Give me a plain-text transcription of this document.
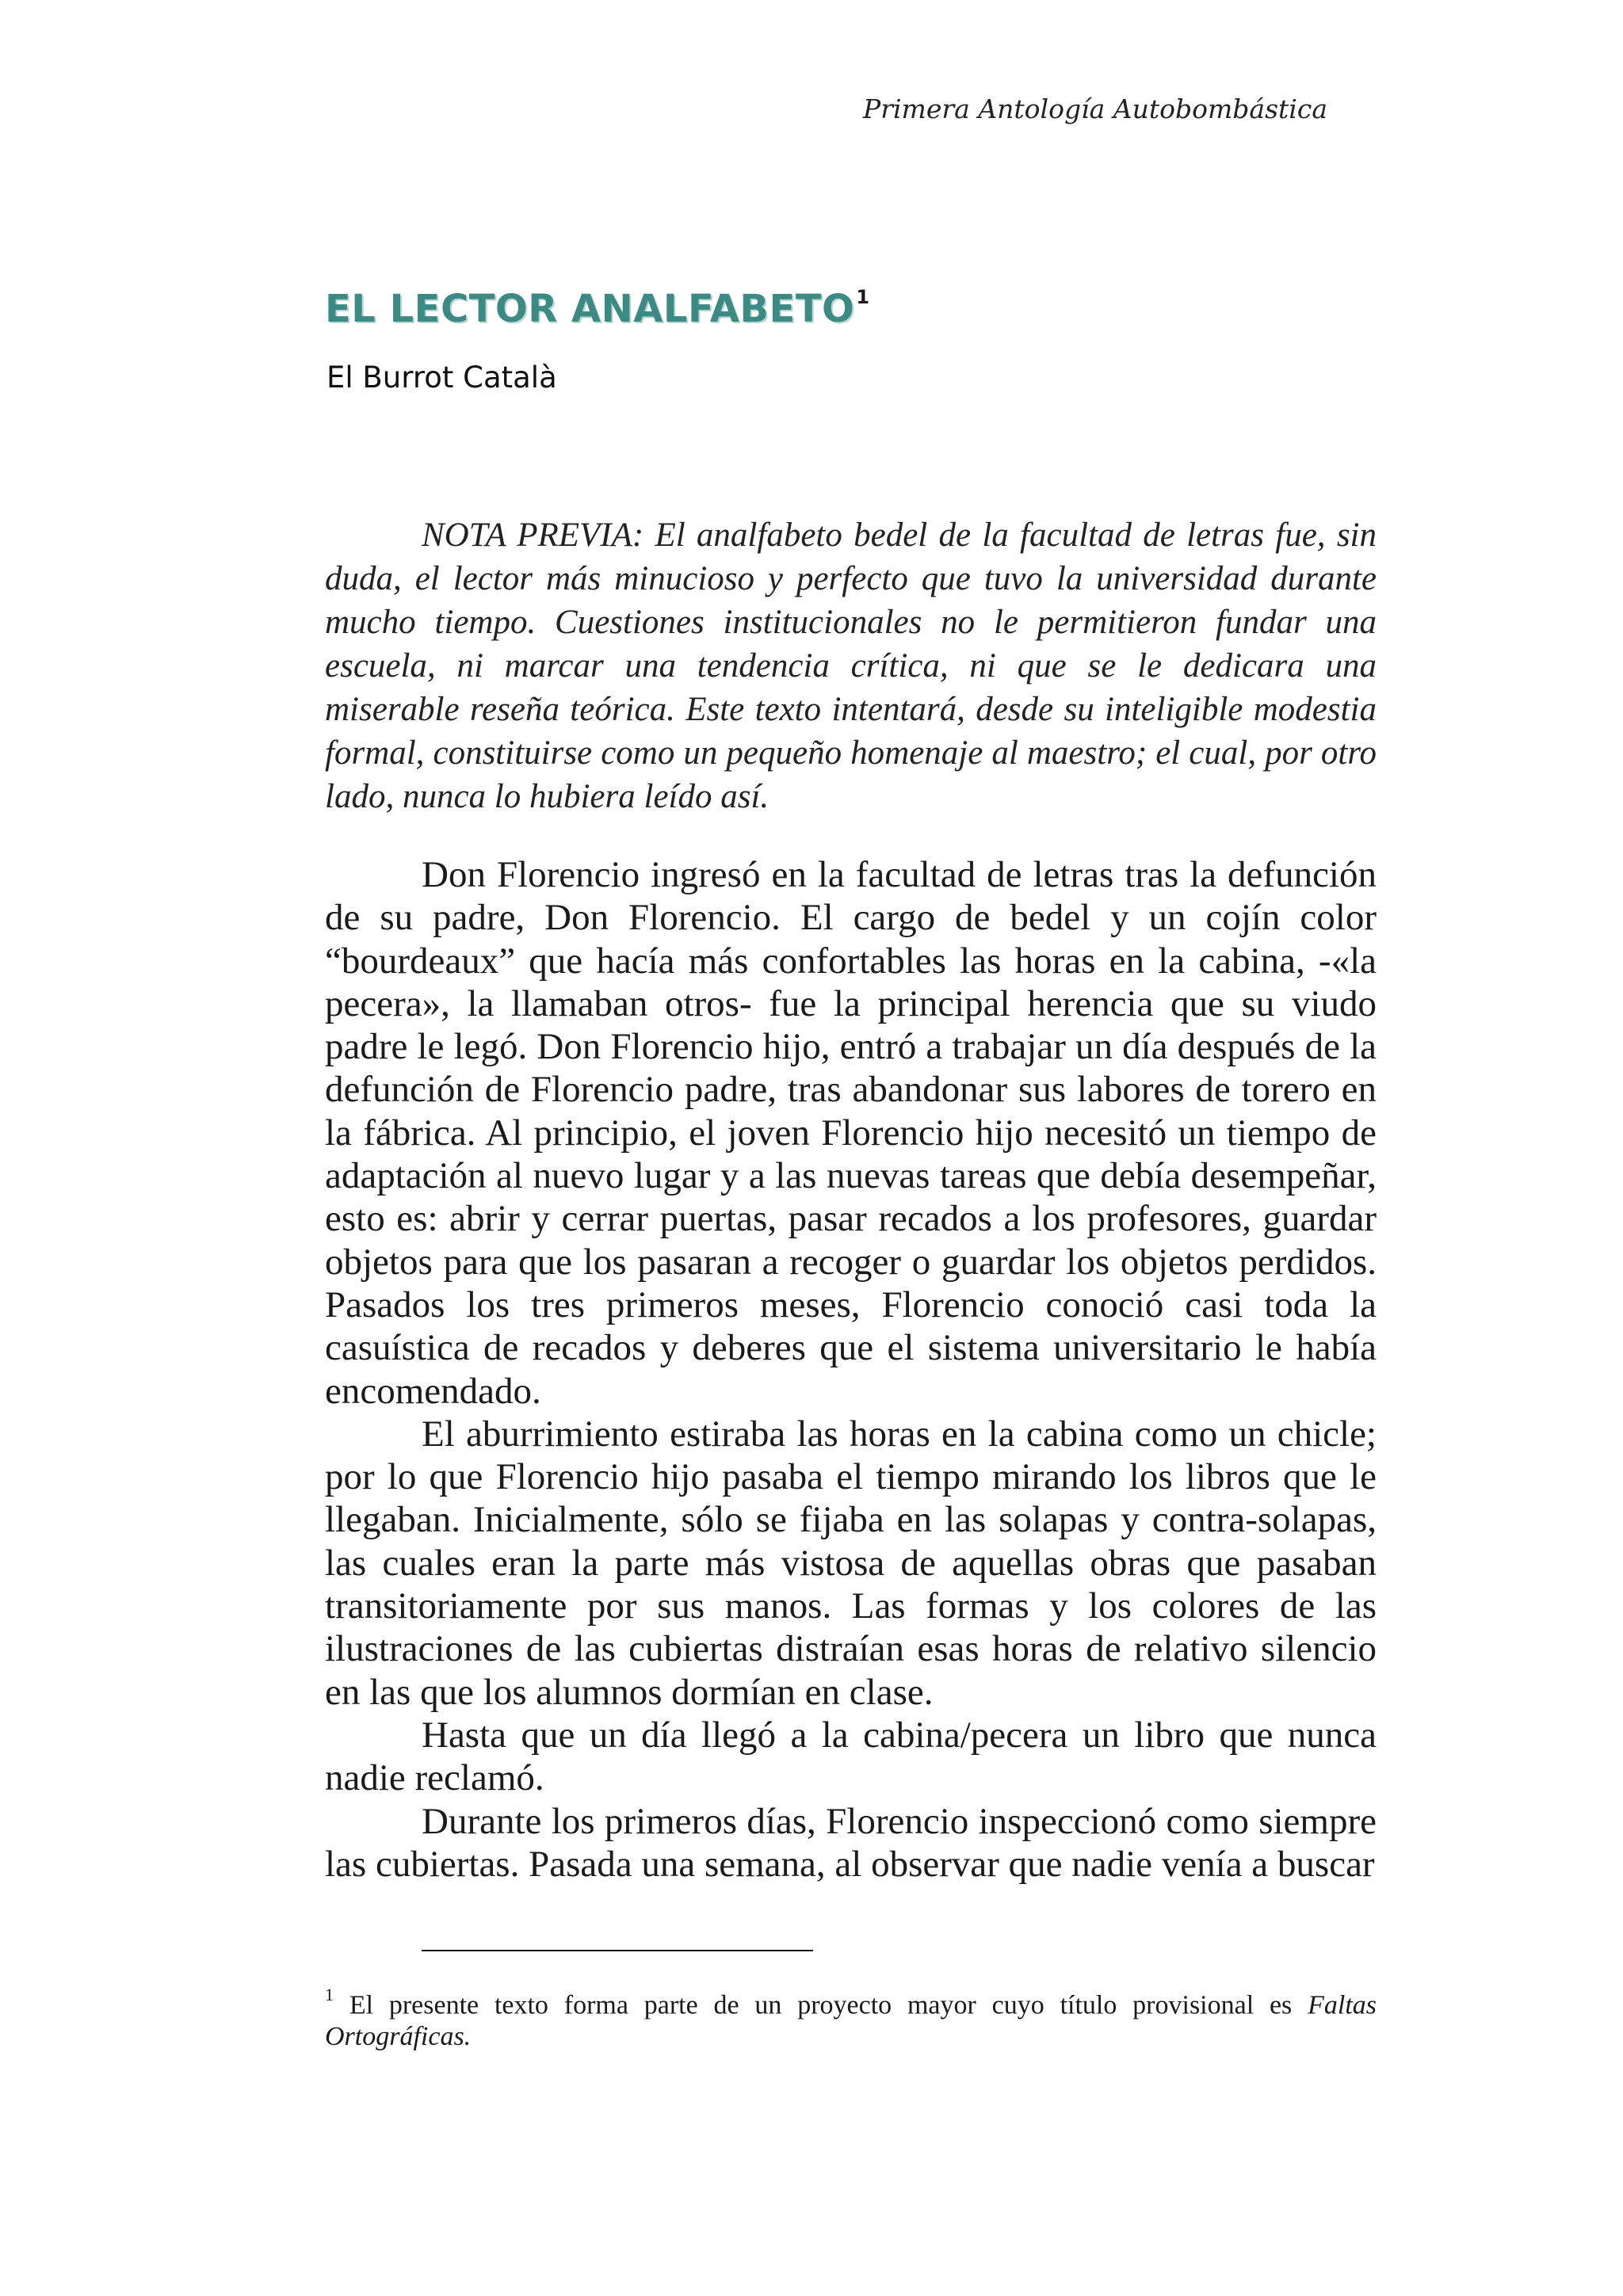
Primera Antología Autobombástica
EL LECTOR ANALFABETO$^1$
El Burrot Català

NOTA PREVIA: El analfabeto bedel de la facultad de letras fue, sin duda, el lector más minucioso y perfecto que tuvo la universidad durante mucho tiempo. Cuestiones institucionales no le permitieron fundar una escuela, ni marcar una tendencia crítica, ni que se le dedicara una miserable reseña teórica. Este texto intentará, desde su inteligible modestia formal, constituirse como un pequeño homenaje al maestro; el cual, por otro lado, nunca lo hubiera leído así.

Don Florencio ingresó en la facultad de letras tras la defunción de su padre, Don Florencio. El cargo de bedel y un cojín color “bourdeaux” que hacía más confortables las horas en la cabina, -«la pecera», la llamaban otros- fue la principal herencia que su viudo padre le legó. Don Florencio hijo, entró a trabajar un día después de la defunción de Florencio padre, tras abandonar sus labores de torero en la fábrica. Al principio, el joven Florencio hijo necesitó un tiempo de adaptación al nuevo lugar y a las nuevas tareas que debía desempeñar, esto es: abrir y cerrar puertas, pasar recados a los profesores, guardar objetos para que los pasaran a recoger o guardar los objetos perdidos. Pasados los tres primeros meses, Florencio conoció casi toda la casuística de recados y deberes que el sistema universitario le había encomendado.

El aburrimiento estiraba las horas en la cabina como un chicle; por lo que Florencio hijo pasaba el tiempo mirando los libros que le llegaban. Inicialmente, sólo se fijaba en las solapas y contra-solapas, las cuales eran la parte más vistosa de aquellas obras que pasaban transitoriamente por sus manos. Las formas y los colores de las ilustraciones de las cubiertas distraían esas horas de relativo silencio en las que los alumnos dormían en clase.

Hasta que un día llegó a la cabina/pecera un libro que nunca nadie reclamó.

Durante los primeros días, Florencio inspeccionó como siempre las cubiertas. Pasada una semana, al observar que nadie venía a buscar

$^1$ El presente texto forma parte de un proyecto mayor cuyo título provisional es Faltas Ortográficas.
